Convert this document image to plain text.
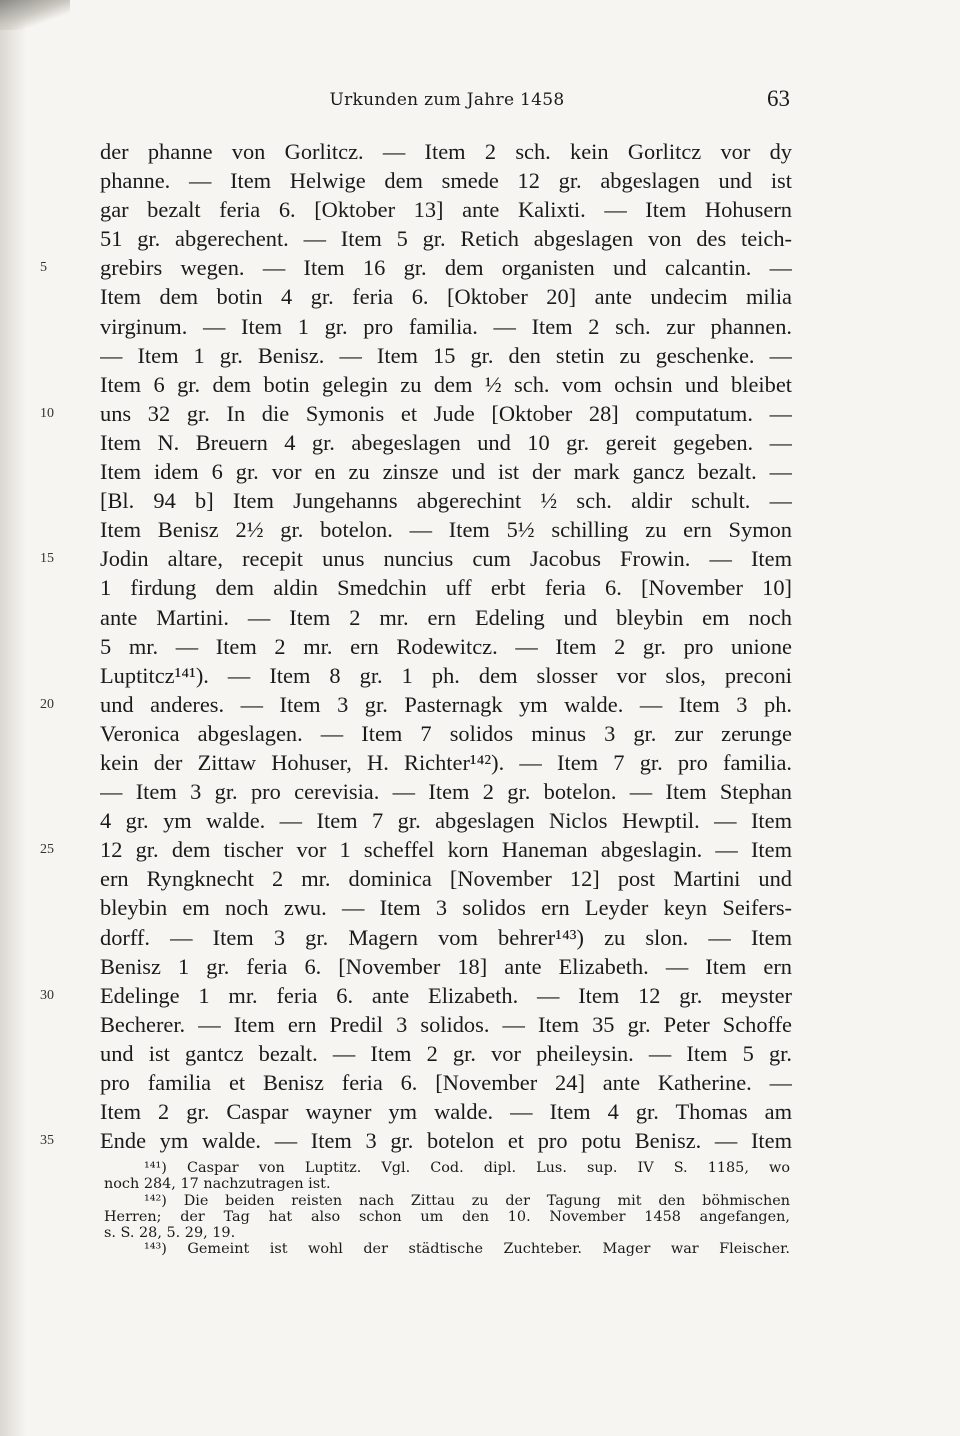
Urkunden zum Jahre 1458	63
der phanne von Gorlitcz. — Item 2 sch. kein Gorlitcz vor dy
phanne. — Item Helwige dem smede 12 gr. abgeslagen und ist
gar bezalt feria 6. [Oktober 13] ante Kalixti. — Item Hohusern
51 gr. abgerechent. — Item 5 gr. Retich abgeslagen von des teich-
5	grebirs wegen. — Item 16 gr. dem organisten und calcantin. —
Item dem botin 4 gr. feria 6. [Oktober 20] ante undecim milia
virginum. — Item 1 gr. pro familia. — Item 2 sch. zur phannen.
— Item 1 gr. Benisz. — Item 15 gr. den stetin zu geschenke. —
Item 6 gr. dem botin gelegin zu dem ½ sch. vom ochsin und bleibet
10	uns 32 gr. In die Symonis et Jude [Oktober 28] computatum. —
Item N. Breuern 4 gr. abegeslagen und 10 gr. gereit gegeben. —
Item idem 6 gr. vor en zu zinsze und ist der mark gancz bezalt. —
[Bl. 94 b] Item Jungehanns abgerechint ½ sch. aldir schult. —
Item Benisz 2½ gr. botelon. — Item 5½ schilling zu ern Symon
15	Jodin altare, recepit unus nuncius cum Jacobus Frowin. — Item
1 firdung dem aldin Smedchin uff erbt feria 6. [November 10]
ante Martini. — Item 2 mr. ern Edeling und bleybin em noch
5 mr. — Item 2 mr. ern Rodewitcz. — Item 2 gr. pro unione
Luptitcz¹⁴¹). — Item 8 gr. 1 ph. dem slosser vor slos, preconi
20	und anderes. — Item 3 gr. Pasternagk ym walde. — Item 3 ph.
Veronica abgeslagen. — Item 7 solidos minus 3 gr. zur zerunge
kein der Zittaw Hohuser, H. Richter¹⁴²). — Item 7 gr. pro familia.
— Item 3 gr. pro cerevisia. — Item 2 gr. botelon. — Item Stephan
4 gr. ym walde. — Item 7 gr. abgeslagen Niclos Hewptil. — Item
25	12 gr. dem tischer vor 1 scheffel korn Haneman abgeslagin. — Item
ern Ryngknecht 2 mr. dominica [November 12] post Martini und
bleybin em noch zwu. — Item 3 solidos ern Leyder keyn Seifers-
dorff. — Item 3 gr. Magern vom behrer¹⁴³) zu slon. — Item
Benisz 1 gr. feria 6. [November 18] ante Elizabeth. — Item ern
30	Edelinge 1 mr. feria 6. ante Elizabeth. — Item 12 gr. meyster
Becherer. — Item ern Predil 3 solidos. — Item 35 gr. Peter Schoffe
und ist gantcz bezalt. — Item 2 gr. vor pheileysin. — Item 5 gr.
pro familia et Benisz feria 6. [November 24] ante Katherine. —
Item 2 gr. Caspar wayner ym walde. — Item 4 gr. Thomas am
35	Ende ym walde. — Item 3 gr. botelon et pro potu Benisz. — Item
¹⁴¹) Caspar von Luptitz. Vgl. Cod. dipl. Lus. sup. IV S. 1185, wo
noch 284, 17 nachzutragen ist.
¹⁴²) Die beiden reisten nach Zittau zu der Tagung mit den böhmischen
Herren; der Tag hat also schon um den 10. November 1458 angefangen,
s. S. 28, 5. 29, 19.
¹⁴³) Gemeint ist wohl der städtische Zuchteber. Mager war Fleischer.
